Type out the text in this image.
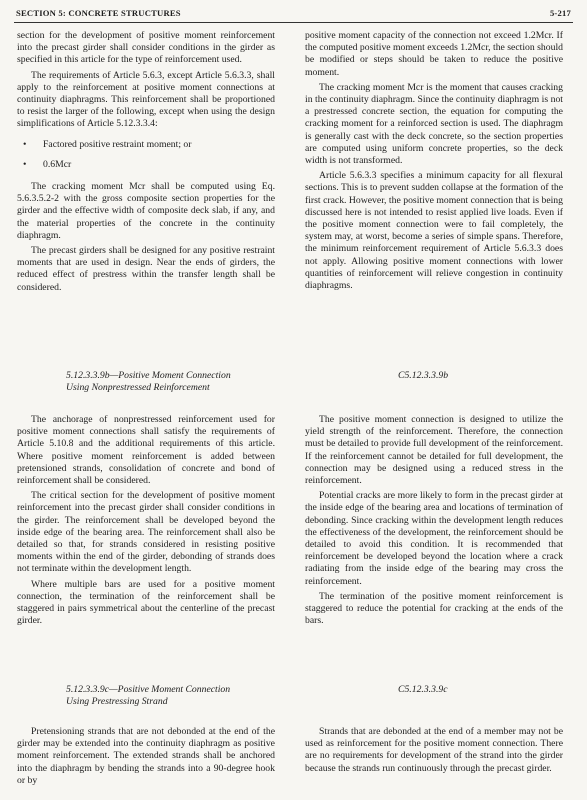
SECTION 5: CONCRETE STRUCTURES	5-217

section for the development of positive moment reinforcement into the precast girder shall consider conditions in the girder as specified in this article for the type of reinforcement used.

The requirements of Article 5.6.3, except Article 5.6.3.3, shall apply to the reinforcement at positive moment connections at continuity diaphragms. This reinforcement shall be proportioned to resist the larger of the following, except when using the design simplifications of Article 5.12.3.3.4:

•	Factored positive restraint moment; or
•	0.6Mcr

The cracking moment Mcr shall be computed using Eq. 5.6.3.5.2-2 with the gross composite section properties for the girder and the effective width of composite deck slab, if any, and the material properties of the concrete in the continuity diaphragm.

The precast girders shall be designed for any positive restraint moments that are used in design. Near the ends of girders, the reduced effect of prestress within the transfer length shall be considered.

positive moment capacity of the connection not exceed 1.2Mcr. If the computed positive moment exceeds 1.2Mcr, the section should be modified or steps should be taken to reduce the positive moment.

The cracking moment Mcr is the moment that causes cracking in the continuity diaphragm. Since the continuity diaphragm is not a prestressed concrete section, the equation for computing the cracking moment for a reinforced section is used. The diaphragm is generally cast with the deck concrete, so the section properties are computed using uniform concrete properties, so the deck width is not transformed.

Article 5.6.3.3 specifies a minimum capacity for all flexural sections. This is to prevent sudden collapse at the formation of the first crack. However, the positive moment connection that is being discussed here is not intended to resist applied live loads. Even if the positive moment connection were to fail completely, the system may, at worst, become a series of simple spans. Therefore, the minimum reinforcement requirement of Article 5.6.3.3 does not apply. Allowing positive moment connections with lower quantities of reinforcement will relieve congestion in continuity diaphragms.

5.12.3.3.9b—Positive Moment Connection
Using Nonprestressed Reinforcement
C5.12.3.3.9b

The anchorage of nonprestressed reinforcement used for positive moment connections shall satisfy the requirements of Article 5.10.8 and the additional requirements of this article. Where positive moment reinforcement is added between pretensioned strands, consolidation of concrete and bond of reinforcement shall be considered.

The critical section for the development of positive moment reinforcement into the precast girder shall consider conditions in the girder. The reinforcement shall be developed beyond the inside edge of the bearing area. The reinforcement shall also be detailed so that, for strands considered in resisting positive moments within the end of the girder, debonding of strands does not terminate within the development length.

Where multiple bars are used for a positive moment connection, the termination of the reinforcement shall be staggered in pairs symmetrical about the centerline of the precast girder.

The positive moment connection is designed to utilize the yield strength of the reinforcement. Therefore, the connection must be detailed to provide full development of the reinforcement. If the reinforcement cannot be detailed for full development, the connection may be designed using a reduced stress in the reinforcement.

Potential cracks are more likely to form in the precast girder at the inside edge of the bearing area and locations of termination of debonding. Since cracking within the development length reduces the effectiveness of the development, the reinforcement should be detailed to avoid this condition. It is recommended that reinforcement be developed beyond the location where a crack radiating from the inside edge of the bearing may cross the reinforcement.

The termination of the positive moment reinforcement is staggered to reduce the potential for cracking at the ends of the bars.

5.12.3.3.9c—Positive Moment Connection
Using Prestressing Strand
C5.12.3.3.9c

Pretensioning strands that are not debonded at the end of the girder may be extended into the continuity diaphragm as positive moment reinforcement. The extended strands shall be anchored into the diaphragm by bending the strands into a 90-degree hook or by

Strands that are debonded at the end of a member may not be used as reinforcement for the positive moment connection. There are no requirements for development of the strand into the girder because the strands run continuously through the precast girder.
